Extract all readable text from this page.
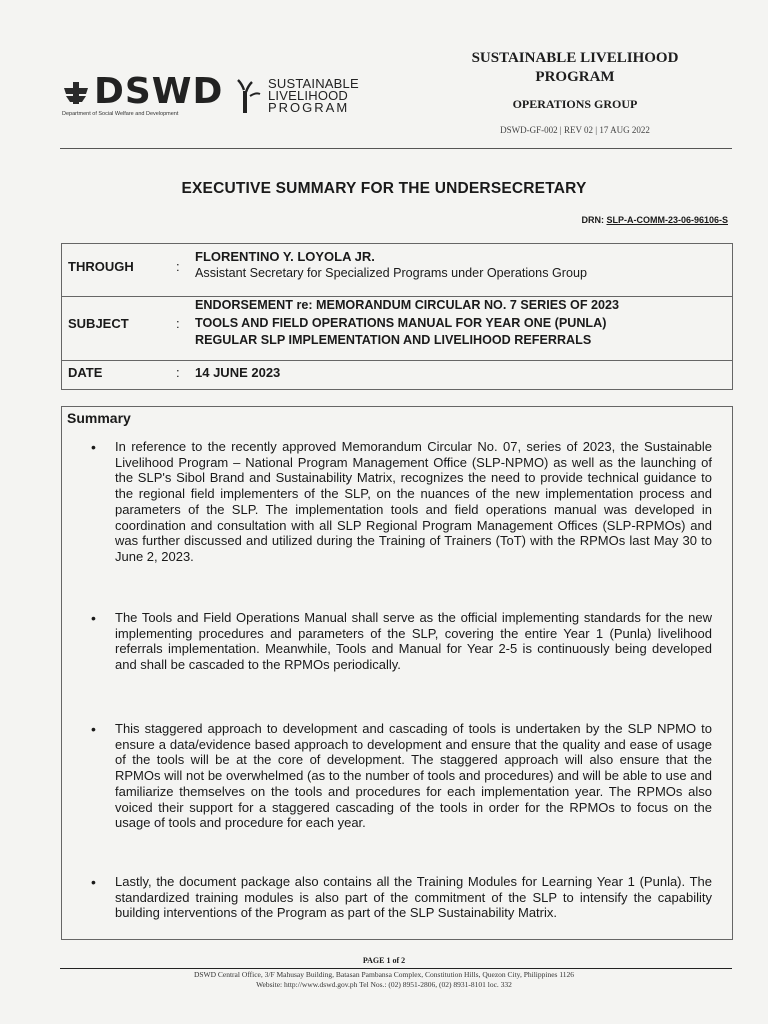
DSWD
Department of Social Welfare and Development
SUSTAINABLE
LIVELIHOOD
PROGRAM
SUSTAINABLE LIVELIHOOD
PROGRAM
OPERATIONS GROUP
DSWD-GF-002 | REV 02 | 17 AUG 2022
EXECUTIVE SUMMARY FOR THE UNDERSECRETARY
DRN: SLP-A-COMM-23-06-96106-S
THROUGH	:
FLORENTINO Y. LOYOLA JR.
Assistant Secretary for Specialized Programs under Operations Group
SUBJECT	:
ENDORSEMENT re: MEMORANDUM CIRCULAR NO. 7 SERIES OF 2023
TOOLS AND FIELD OPERATIONS MANUAL FOR YEAR ONE (PUNLA)
REGULAR SLP IMPLEMENTATION AND LIVELIHOOD REFERRALS
DATE	: 14 JUNE 2023
Summary
• In reference to the recently approved Memorandum Circular No. 07, series of 2023, the Sustainable Livelihood Program – National Program Management Office (SLP-NPMO) as well as the launching of the SLP's Sibol Brand and Sustainability Matrix, recognizes the need to provide technical guidance to the regional field implementers of the SLP, on the nuances of the new implementation process and parameters of the SLP. The implementation tools and field operations manual was developed in coordination and consultation with all SLP Regional Program Management Offices (SLP-RPMOs) and was further discussed and utilized during the Training of Trainers (ToT) with the RPMOs last May 30 to June 2, 2023.
• The Tools and Field Operations Manual shall serve as the official implementing standards for the new implementing procedures and parameters of the SLP, covering the entire Year 1 (Punla) livelihood referrals implementation. Meanwhile, Tools and Manual for Year 2-5 is continuously being developed and shall be cascaded to the RPMOs periodically.
• This staggered approach to development and cascading of tools is undertaken by the SLP NPMO to ensure a data/evidence based approach to development and ensure that the quality and ease of usage of the tools will be at the core of development. The staggered approach will also ensure that the RPMOs will not be overwhelmed (as to the number of tools and procedures) and will be able to use and familiarize themselves on the tools and procedures for each implementation year. The RPMOs also voiced their support for a staggered cascading of the tools in order for the RPMOs to focus on the usage of tools and procedure for each year.
• Lastly, the document package also contains all the Training Modules for Learning Year 1 (Punla). The standardized training modules is also part of the commitment of the SLP to intensify the capability building interventions of the Program as part of the SLP Sustainability Matrix.
PAGE 1 of 2
DSWD Central Office, 3/F Mahusay Building, Batasan Pambansa Complex, Constitution Hills, Quezon City, Philippines 1126
Website: http://www.dswd.gov.ph Tel Nos.: (02) 8951-2806, (02) 8931-8101 loc. 332
